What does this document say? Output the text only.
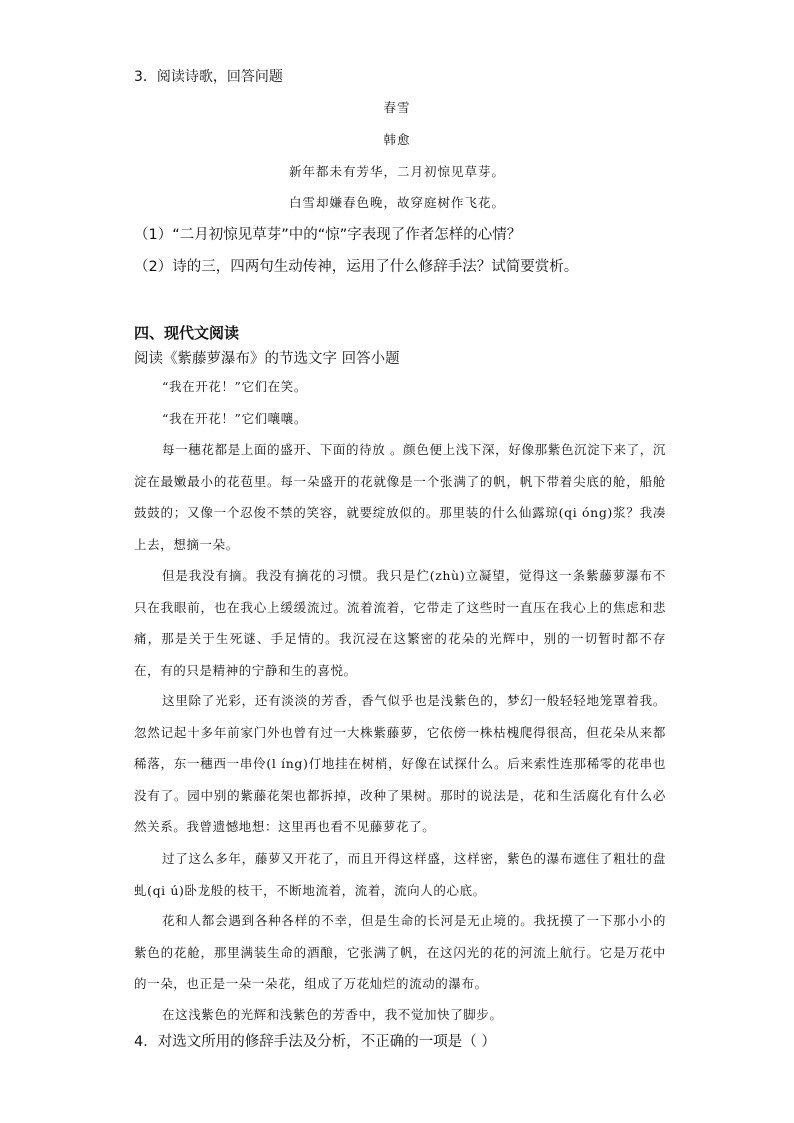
3．阅读诗歌，回答问题
春雪
韩愈
新年都未有芳华，二月初惊见草芽。
白雪却嫌春色晚，故穿庭树作飞花。
（1）“二月初惊见草芽”中的“惊”字表现了作者怎样的心情？
（2）诗的三，四两句生动传神，运用了什么修辞手法？试简要赏析。
四、现代文阅读
阅读《紫藤萝瀑布》的节选文字 回答小题

“我在开花！”它们在笑。

“我在开花！”它们嚷嚷。

每一穗花都是上面的盛开、下面的待放 。颜色便上浅下深，好像那紫色沉淀下来了，沉淀在最嫩最小的花苞里。每一朵盛开的花就像是一个张满了的帆，帆下带着尖底的舱，船舱鼓鼓的；又像一个忍俊不禁的笑容，就要绽放似的。那里装的什么仙露琼(qi óng)浆？我凑上去，想摘一朵。

但是我没有摘。我没有摘花的习惯。我只是伫(zhù)立凝望，觉得这一条紫藤萝瀑布不只在我眼前，也在我心上缓缓流过。流着流着，它带走了这些时一直压在我心上的焦虑和悲痛，那是关于生死谜、手足情的。我沉浸在这繁密的花朵的光辉中，别的一切暂时都不存在，有的只是精神的宁静和生的喜悦。

这里除了光彩，还有淡淡的芳香，香气似乎也是浅紫色的，梦幻一般轻轻地笼罩着我。忽然记起十多年前家门外也曾有过一大株紫藤萝，它依傍一株枯槐爬得很高，但花朵从来都稀落，东一穗西一串伶(l íng)仃地挂在树梢，好像在试探什么。后来索性连那稀零的花串也没有了。园中别的紫藤花架也都拆掉，改种了果树。那时的说法是，花和生活腐化有什么必然关系。我曾遗憾地想：这里再也看不见藤萝花了。

过了这么多年，藤萝又开花了，而且开得这样盛，这样密，紫色的瀑布遮住了粗壮的盘虬(qi ú)卧龙般的枝干，不断地流着，流着，流向人的心底。

花和人都会遇到各种各样的不幸，但是生命的长河是无止境的。我抚摸了一下那小小的紫色的花舱，那里满装生命的酒酿，它张满了帆，在这闪光的花的河流上航行。它是万花中的一朵，也正是一朵一朵花，组成了万花灿烂的流动的瀑布。

在这浅紫色的光辉和浅紫色的芳香中，我不觉加快了脚步。

4．对选文所用的修辞手法及分析，不正确的一项是（ ）
